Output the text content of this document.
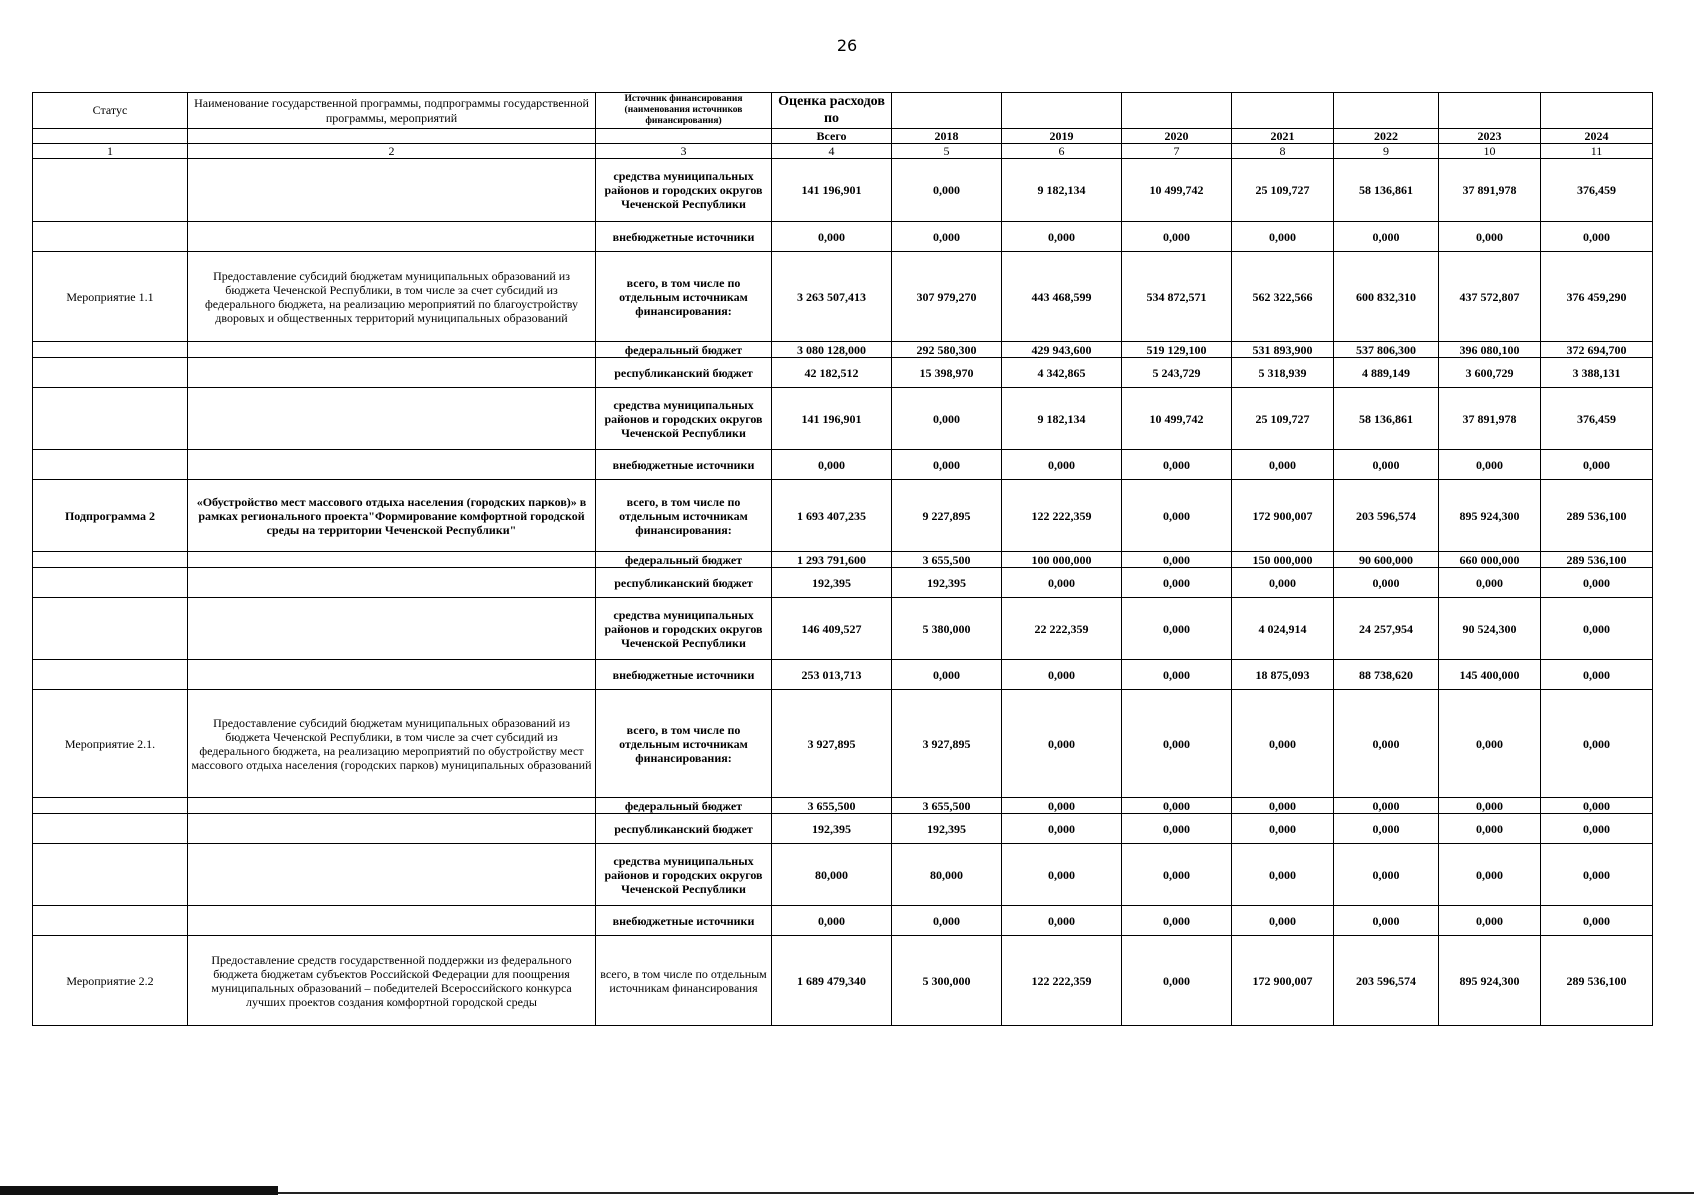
26
Статус	Наименование государственной программы, подпрограммы государственной программы, мероприятий	Источник финансирования (наименования источников финансирования)	Оценка расходов по							
			Всего	2018	2019	2020	2021	2022	2023	2024
1	2	3	4	5	6	7	8	9	10	11
		средства муниципальных районов и городских округов Чеченской Республики	141 196,901	0,000	9 182,134	10 499,742	25 109,727	58 136,861	37 891,978	376,459
		внебюджетные источники	0,000	0,000	0,000	0,000	0,000	0,000	0,000	0,000
Мероприятие 1.1	Предоставление субсидий бюджетам муниципальных образований из бюджета Чеченской Республики, в том числе за счет субсидий из федерального бюджета, на реализацию мероприятий по благоустройству дворовых и общественных территорий муниципальных образований	всего, в том числе по отдельным источникам финансирования:	3 263 507,413	307 979,270	443 468,599	534 872,571	562 322,566	600 832,310	437 572,807	376 459,290
		федеральный бюджет	3 080 128,000	292 580,300	429 943,600	519 129,100	531 893,900	537 806,300	396 080,100	372 694,700
		республиканский бюджет	42 182,512	15 398,970	4 342,865	5 243,729	5 318,939	4 889,149	3 600,729	3 388,131
		средства муниципальных районов и городских округов Чеченской Республики	141 196,901	0,000	9 182,134	10 499,742	25 109,727	58 136,861	37 891,978	376,459
		внебюджетные источники	0,000	0,000	0,000	0,000	0,000	0,000	0,000	0,000
Подпрограмма 2	«Обустройство мест массового отдыха населения (городских парков)» в рамках регионального проекта"Формирование комфортной городской среды на территории Чеченской Республики"	всего, в том числе по отдельным источникам финансирования:	1 693 407,235	9 227,895	122 222,359	0,000	172 900,007	203 596,574	895 924,300	289 536,100
		федеральный бюджет	1 293 791,600	3 655,500	100 000,000	0,000	150 000,000	90 600,000	660 000,000	289 536,100
		республиканский бюджет	192,395	192,395	0,000	0,000	0,000	0,000	0,000	0,000
		средства муниципальных районов и городских округов Чеченской Республики	146 409,527	5 380,000	22 222,359	0,000	4 024,914	24 257,954	90 524,300	0,000
		внебюджетные источники	253 013,713	0,000	0,000	0,000	18 875,093	88 738,620	145 400,000	0,000
Мероприятие 2.1.	Предоставление субсидий бюджетам муниципальных образований из бюджета Чеченской Республики, в том числе за счет субсидий из федерального бюджета, на реализацию мероприятий по обустройству мест массового отдыха населения (городских парков) муниципальных образований	всего, в том числе по отдельным источникам финансирования:	3 927,895	3 927,895	0,000	0,000	0,000	0,000	0,000	0,000
		федеральный бюджет	3 655,500	3 655,500	0,000	0,000	0,000	0,000	0,000	0,000
		республиканский бюджет	192,395	192,395	0,000	0,000	0,000	0,000	0,000	0,000
		средства муниципальных районов и городских округов Чеченской Республики	80,000	80,000	0,000	0,000	0,000	0,000	0,000	0,000
		внебюджетные источники	0,000	0,000	0,000	0,000	0,000	0,000	0,000	0,000
Мероприятие 2.2	Предоставление средств государственной поддержки из федерального бюджета бюджетам субъектов Российской Федерации для поощрения муниципальных образований – победителей Всероссийского конкурса лучших проектов создания комфортной городской среды	всего, в том числе по отдельным источникам финансирования	1 689 479,340	5 300,000	122 222,359	0,000	172 900,007	203 596,574	895 924,300	289 536,100
